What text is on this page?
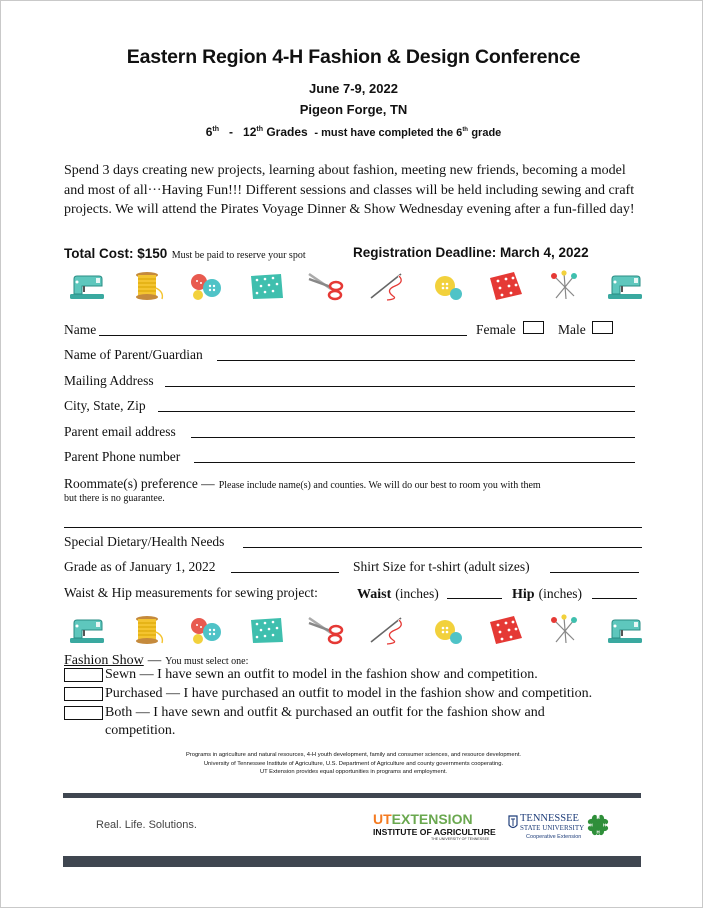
Eastern Region 4-H Fashion & Design Conference
June 7-9, 2022
Pigeon Forge, TN
6th - 12th Grades - must have completed the 6th grade
Spend 3 days creating new projects, learning about fashion, meeting new friends, becoming a model and most of all···Having Fun!!! Different sessions and classes will be held including sewing and craft projects. We will attend the Pirates Voyage Dinner & Show Wednesday evening after a fun-filled day!
Total Cost: $150 Must be paid to reserve your spot	Registration Deadline: March 4, 2022
Name	Female	Male
Name of Parent/Guardian
Mailing Address
City, State, Zip
Parent email address
Parent Phone number
Roommate(s) preference — Please include name(s) and counties. We will do our best to room you with them
but there is no guarantee.
Special Dietary/Health Needs
Grade as of January 1, 2022	Shirt Size for t-shirt (adult sizes)
Waist & Hip measurements for sewing project:	Waist (inches)	Hip (inches)
Fashion Show — You must select one:
Sewn — I have sewn an outfit to model in the fashion show and competition.
Purchased — I have purchased an outfit to model in the fashion show and competition.
Both — I have sewn and outfit & purchased an outfit for the fashion show and
competition.
Programs in agriculture and natural resources, 4-H youth development, family and consumer sciences, and resource development.
University of Tennessee Institute of Agriculture, U.S. Department of Agriculture and county governments cooperating.
UT Extension provides equal opportunities in programs and employment.
Real. Life. Solutions.	UTEXTENSION
INSTITUTE OF AGRICULTURE
THE UNIVERSITY OF TENNESSEE
TENNESSEE
STATE UNIVERSITY
Cooperative Extension
H
H
H
H
